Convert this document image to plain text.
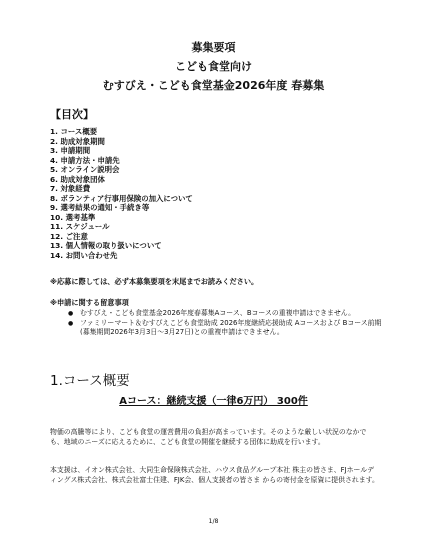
募集要項
こども食堂向け
むすびえ・こども食堂基金2026年度 春募集
【目次】
1. コース概要
2. 助成対象期間
3. 申請期間
4. 申請方法・申請先
5. オンライン説明会
6. 助成対象団体
7. 対象経費
8. ボランティア行事用保険の加入について
9. 選考結果の通知・手続き等
10. 選考基準
11. スケジュール
12. ご注意
13. 個人情報の取り扱いについて
14. お問い合わせ先
※応募に際しては、必ず本募集要項を末尾までお読みください。
※申請に関する留意事項
● むすびえ・こども食堂基金2026年度春募集Aコース、Bコースの重複申請はできません。
● ファミリーマート＆むすびえこども食堂助成 2026年度継続応援助成 Aコースおよび Bコース前期(募集期間2026年3月3日～3月27日)との重複申請はできません。
1.コース概要
Aコース：継続支援（一律6万円） 300件

物価の高騰等により、こども食堂の運営費用の負担が高まっています。そのような厳しい状況のなかでも、地域のニーズに応えるために、こども食堂の開催を継続する団体に助成を行います。

本支援は、イオン株式会社、大同生命保険株式会社、ハウス食品グループ本社 株主の皆さま、FJホールディングス株式会社、株式会社富士住建、FJK会、個人支援者の皆さま からの寄付金を原資に提供されます。

1/8
